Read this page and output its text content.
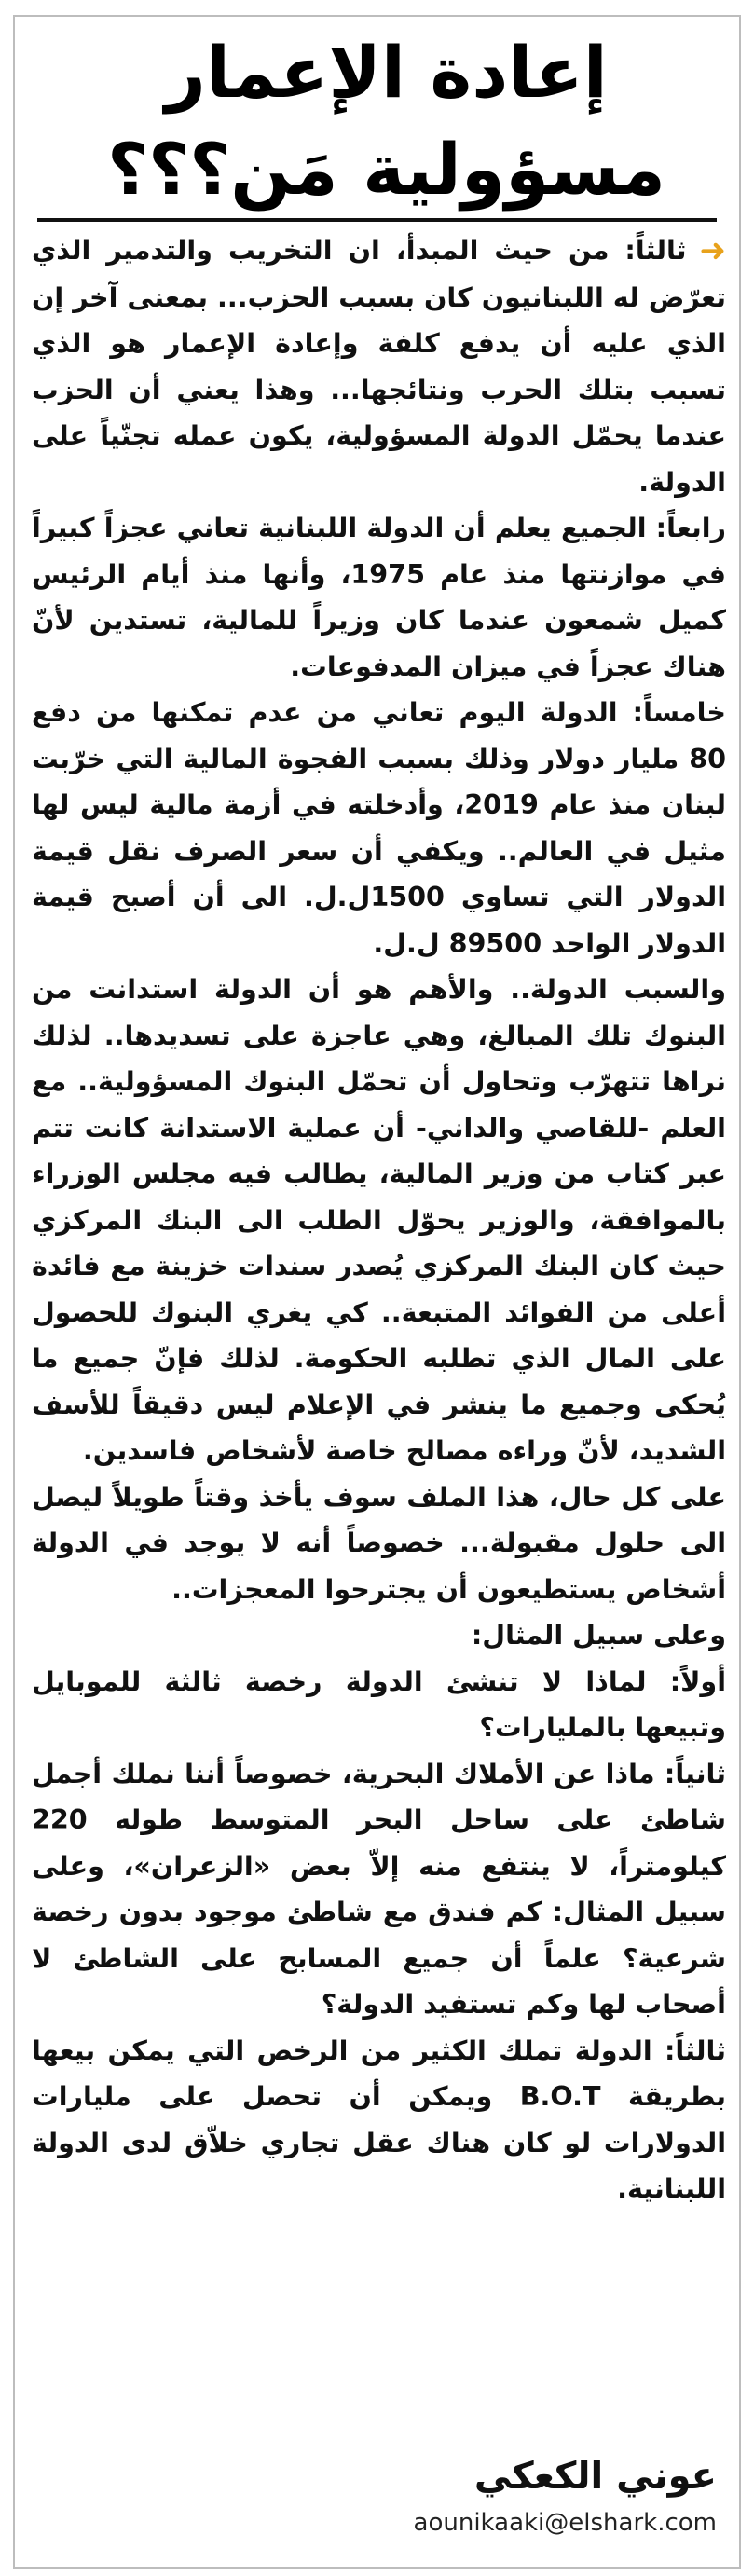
إعادة الإعمار
مسؤولية مَن؟؟؟

➜ثالثاً: من حيث المبدأ، ان التخريب والتدمير الذي تعرّض له اللبنانيون كان بسبب الحزب... بمعنى آخر إن الذي عليه أن يدفع كلفة وإعادة الإعمار هو الذي تسبب بتلك الحرب ونتائجها... وهذا يعني أن الحزب عندما يحمّل الدولة المسؤولية، يكون عمله تجنّياً على الدولة.

رابعاً: الجميع يعلم أن الدولة اللبنانية تعاني عجزاً كبيراً في موازنتها منذ عام 1975، وأنها منذ أيام الرئيس كميل شمعون عندما كان وزيراً للمالية، تستدين لأنّ هناك عجزاً في ميزان المدفوعات.

خامساً: الدولة اليوم تعاني من عدم تمكنها من دفع 80 مليار دولار وذلك بسبب الفجوة المالية التي خرّبت لبنان منذ عام 2019، وأدخلته في أزمة مالية ليس لها مثيل في العالم.. ويكفي أن سعر الصرف نقل قيمة الدولار التي تساوي 1500ل.ل. الى أن أصبح قيمة الدولار الواحد 89500 ل.ل.

والسبب الدولة.. والأهم هو أن الدولة استدانت من البنوك تلك المبالغ، وهي عاجزة على تسديدها.. لذلك نراها تتهرّب وتحاول أن تحمّل البنوك المسؤولية.. مع العلم -للقاصي والداني- أن عملية الاستدانة كانت تتم عبر كتاب من وزير المالية، يطالب فيه مجلس الوزراء بالموافقة، والوزير يحوّل الطلب الى البنك المركزي حيث كان البنك المركزي يُصدر سندات خزينة مع فائدة أعلى من الفوائد المتبعة.. كي يغري البنوك للحصول على المال الذي تطلبه الحكومة. لذلك فإنّ جميع ما يُحكى وجميع ما ينشر في الإعلام ليس دقيقاً للأسف الشديد، لأنّ وراءه مصالح خاصة لأشخاص فاسدين.

على كل حال، هذا الملف سوف يأخذ وقتاً طويلاً ليصل الى حلول مقبولة... خصوصاً أنه لا يوجد في الدولة أشخاص يستطيعون أن يجترحوا المعجزات..

وعلى سبيل المثال:

أولاً: لماذا لا تنشئ الدولة رخصة ثالثة للموبايل وتبيعها بالمليارات؟

ثانياً: ماذا عن الأملاك البحرية، خصوصاً أننا نملك أجمل شاطئ على ساحل البحر المتوسط طوله 220 كيلومتراً، لا ينتفع منه إلاّ بعض «الزعران»، وعلى سبيل المثال: كم فندق مع شاطئ موجود بدون رخصة شرعية؟ علماً أن جميع المسابح على الشاطئ لا أصحاب لها وكم تستفيد الدولة؟

ثالثاً: الدولة تملك الكثير من الرخص التي يمكن بيعها بطريقة B.O.T ويمكن أن تحصل على مليارات الدولارات لو كان هناك عقل تجاري خلاّق لدى الدولة اللبنانية.

عوني الكعكي
aounikaaki@elshark.com
